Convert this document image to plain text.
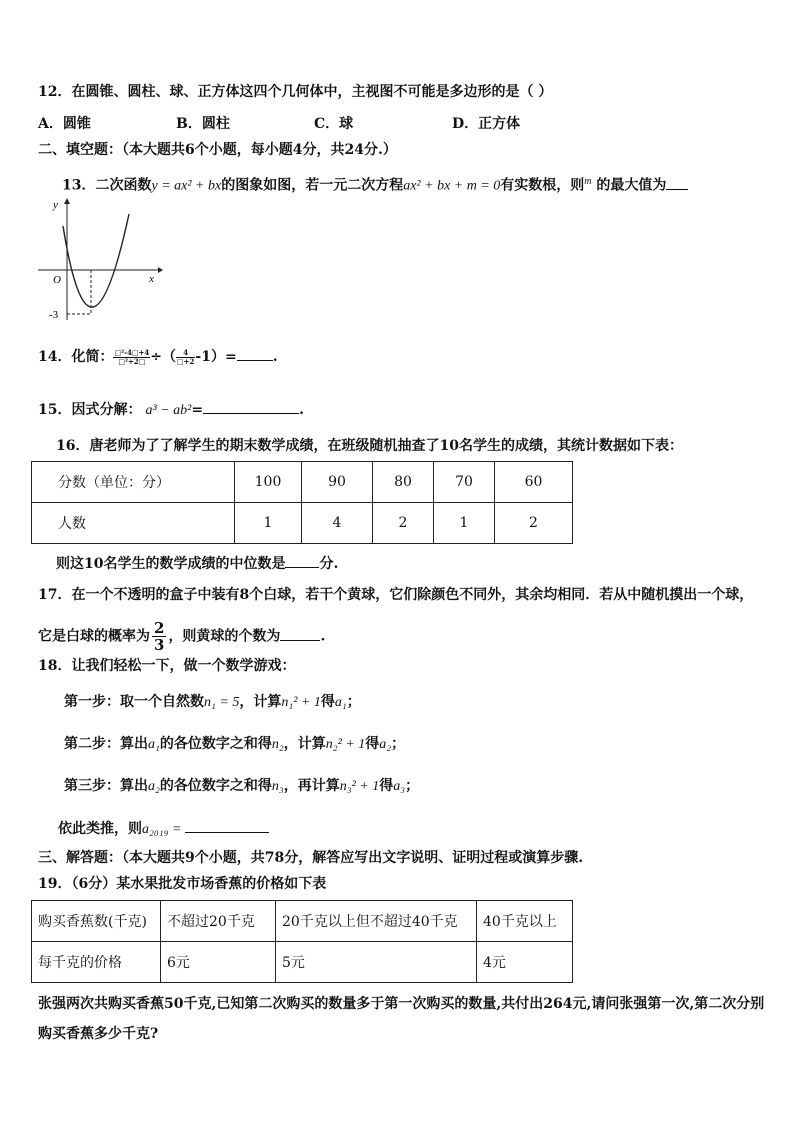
12．在圆锥、圆柱、球、正方体这四个几何体中，主视图不可能是多边形的是（ ）
A．圆锥	B．圆柱	C．球	D．正方体
二、填空题：（本大题共6个小题，每小题4分，共24分.）
13．二次函数y = ax² + bx的图象如图，若一元二次方程ax² + bx + m = 0有实数根，则$^m$ 的最大值为
y
x
O
-3
14．化简： $\frac{\text{□²-4□+4}}{\text{□²+2□}}$ ÷（ $\frac{4}{□+2} -1)=$	.
15．因式分解： a³ − ab²=	.
16．唐老师为了了解学生的期末数学成绩，在班级随机抽查了10名学生的成绩，其统计数据如下表：
分数（单位：分）	100	90	80	70	60
人数	1	4	2	1	2
则这10名学生的数学成绩的中位数是 分.
17．在一个不透明的盒子中装有8个白球，若干个黄球，它们除颜色不同外，其余均相同．若从中随机摸出一个球，
它是白球的概率为 $\frac{2}{3}$ ，则黄球的个数为	.
18．让我们轻松一下，做一个数学游戏：
第一步：取一个自然数n₁ = 5，计算n₁² + 1得a₁；
第二步：算出a₁的各位数字之和得n₂，计算n₂² + 1得a₂；
第三步：算出a₂的各位数字之和得n₃，再计算n₃² + 1得a₃；
依此类推，则a₂₀₁₉ =
三、解答题：（本大题共9个小题，共78分，解答应写出文字说明、证明过程或演算步骤.
19．（6分）某水果批发市场香蕉的价格如下表
购买香蕉数(千克)	不超过20千克	20千克以上但不超过40千克	40千克以上
每千克的价格	6元	5元	4元
张强两次共购买香蕉50千克,已知第二次购买的数量多于第一次购买的数量,共付出264元,请问张强第一次,第二次分别
购买香蕉多少千克?
